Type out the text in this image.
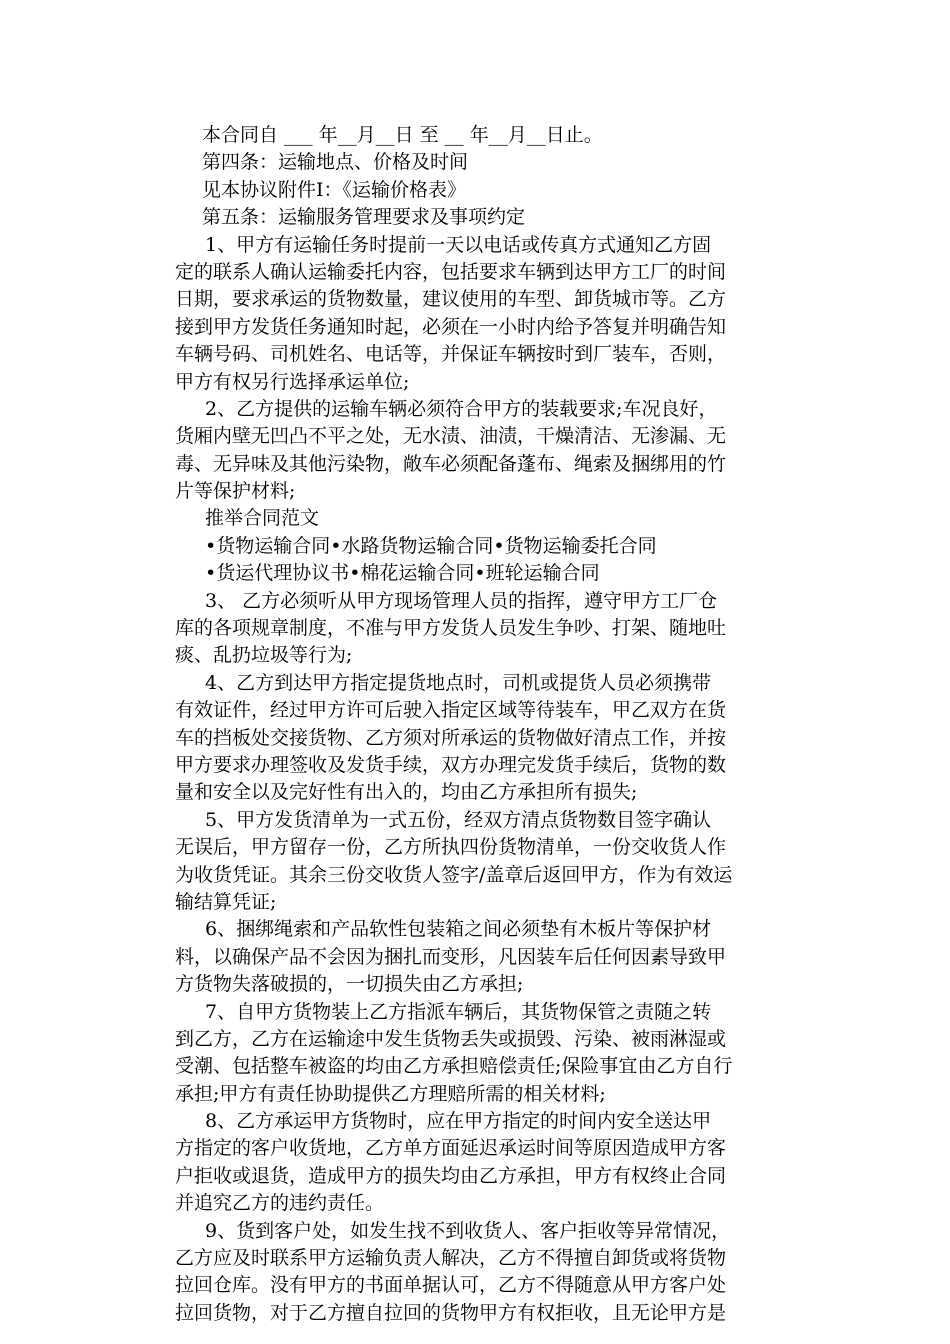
本合同自 ___ 年__月__日 至 __ 年__月__日止。

第四条：运输地点、价格及时间

见本协议附件Ⅰ：《运输价格表》

第五条：运输服务管理要求及事项约定

1、甲方有运输任务时提前一天以电话或传真方式通知乙方固

定的联系人确认运输委托内容，包括要求车辆到达甲方工厂的时间

日期，要求承运的货物数量，建议使用的车型、卸货城市等。乙方

接到甲方发货任务通知时起，必须在一小时内给予答复并明确告知

车辆号码、司机姓名、电话等，并保证车辆按时到厂装车，否则，

甲方有权另行选择承运单位;

2、乙方提供的运输车辆必须符合甲方的装载要求;车况良好，

货厢内壁无凹凸不平之处，无水渍、油渍，干燥清洁、无渗漏、无

毒、无异味及其他污染物，敞车必须配备蓬布、绳索及捆绑用的竹

片等保护材料;

推举合同范文

•货物运输合同•水路货物运输合同•货物运输委托合同

•货运代理协议书•棉花运输合同•班轮运输合同

3、 乙方必须听从甲方现场管理人员的指挥，遵守甲方工厂仓

库的各项规章制度，不准与甲方发货人员发生争吵、打架、随地吐

痰、乱扔垃圾等行为;

4、乙方到达甲方指定提货地点时，司机或提货人员必须携带

有效证件，经过甲方许可后驶入指定区域等待装车，甲乙双方在货

车的挡板处交接货物、乙方须对所承运的货物做好清点工作，并按

甲方要求办理签收及发货手续，双方办理完发货手续后，货物的数

量和安全以及完好性有出入的，均由乙方承担所有损失;

5、甲方发货清单为一式五份，经双方清点货物数目签字确认

无误后，甲方留存一份，乙方所执四份货物清单，一份交收货人作

为收货凭证。其余三份交收货人签字/盖章后返回甲方，作为有效运

输结算凭证;

6、捆绑绳索和产品软性包装箱之间必须垫有木板片等保护材

料，以确保产品不会因为捆扎而变形，凡因装车后任何因素导致甲

方货物失落破损的，一切损失由乙方承担;

7、自甲方货物装上乙方指派车辆后，其货物保管之责随之转

到乙方，乙方在运输途中发生货物丢失或损毁、污染、被雨淋湿或

受潮、包括整车被盗的均由乙方承担赔偿责任;保险事宜由乙方自行

承担;甲方有责任协助提供乙方理赔所需的相关材料;

8、乙方承运甲方货物时，应在甲方指定的时间内安全送达甲

方指定的客户收货地，乙方单方面延迟承运时间等原因造成甲方客

户拒收或退货，造成甲方的损失均由乙方承担，甲方有权终止合同

并追究乙方的违约责任。

9、货到客户处，如发生找不到收货人、客户拒收等异常情况，

乙方应及时联系甲方运输负责人解决，乙方不得擅自卸货或将货物

拉回仓库。没有甲方的书面单据认可，乙方不得随意从甲方客户处

拉回货物，对于乙方擅自拉回的货物甲方有权拒收，且无论甲方是
